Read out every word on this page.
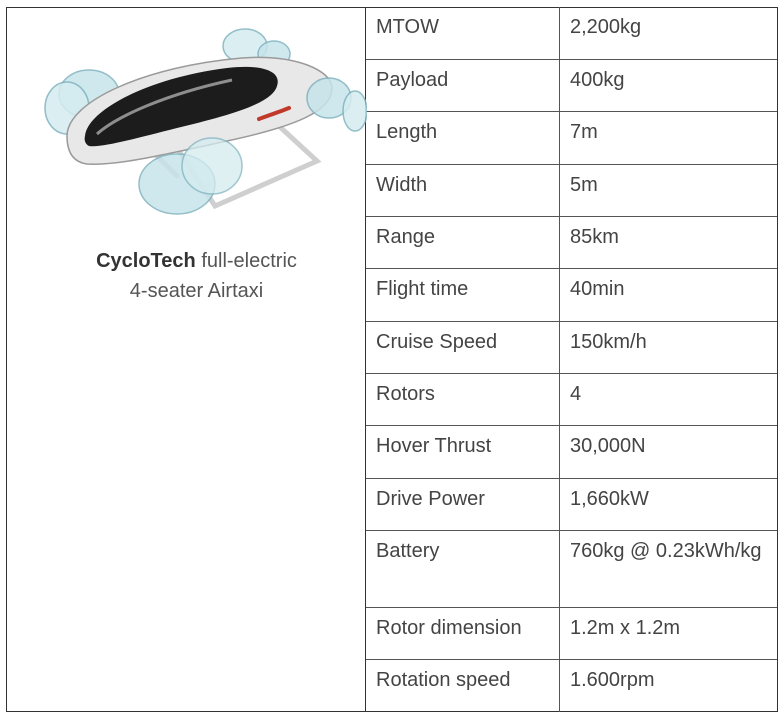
CycloTech full-electric
4-seater Airtaxi
MTOW	2,200kg
Payload	400kg
Length	7m
Width	5m
Range	85km
Flight time	40min
Cruise Speed	150km/h
Rotors	4
Hover Thrust	30,000N
Drive Power	1,660kW
Battery	760kg @ 0.23kWh/kg
Rotor dimension	1.2m x 1.2m
Rotation speed	1.600rpm
